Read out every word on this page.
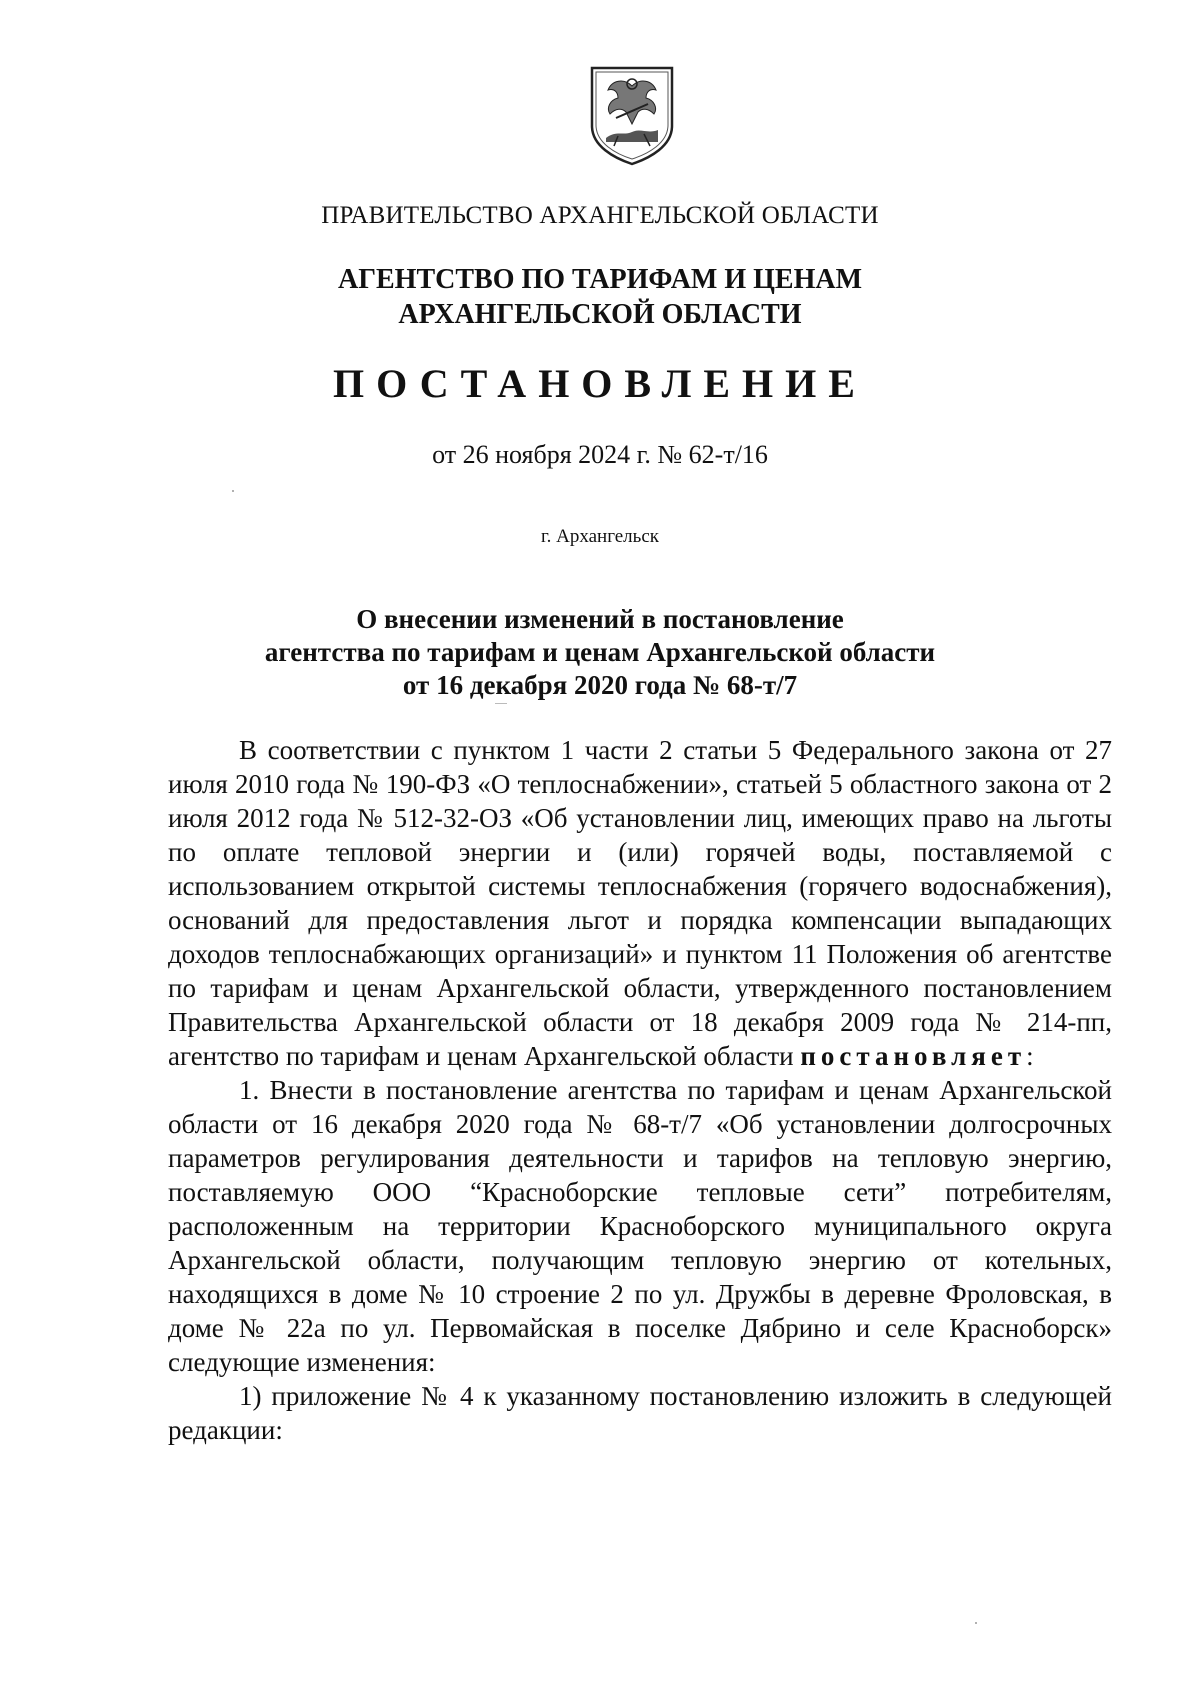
ПРАВИТЕЛЬСТВО АРХАНГЕЛЬСКОЙ ОБЛАСТИ
АГЕНТСТВО ПО ТАРИФАМ И ЦЕНАМ
АРХАНГЕЛЬСКОЙ ОБЛАСТИ
ПОСТАНОВЛЕНИЕ
от 26 ноября 2024 г. № 62-т/16
г. Архангельск
О внесении изменений в постановление
агентства по тарифам и ценам Архангельской области
от 16 декабря 2020 года № 68-т/7

В соответствии с пунктом 1 части 2 статьи 5 Федерального закона от 27 июля 2010 года № 190-ФЗ «О теплоснабжении», статьей 5 областного закона от 2 июля 2012 года № 512-32-ОЗ «Об установлении лиц, имеющих право на льготы по оплате тепловой энергии и (или) горячей воды, поставляемой с использованием открытой системы теплоснабжения (горячего водоснабжения), оснований для предоставления льгот и порядка компенсации выпадающих доходов теплоснабжающих организаций» и пунктом 11 Положения об агентстве по тарифам и ценам Архангельской области, утвержденного постановлением Правительства Архангельской области от 18 декабря 2009 года № 214-пп, агентство по тарифам и ценам Архангельской области постановляет:

1. Внести в постановление агентства по тарифам и ценам Архангельской области от 16 декабря 2020 года № 68-т/7 «Об установлении долгосрочных параметров регулирования деятельности и тарифов на тепловую энергию, поставляемую ООО “Красноборские тепловые сети” потребителям, расположенным на территории Красноборского муниципального округа Архангельской области, получающим тепловую энергию от котельных, находящихся в доме № 10 строение 2 по ул. Дружбы в деревне Фроловская, в доме № 22а по ул. Первомайская в поселке Дябрино и селе Красноборск» следующие изменения:

1) приложение № 4 к указанному постановлению изложить в следующей редакции:
